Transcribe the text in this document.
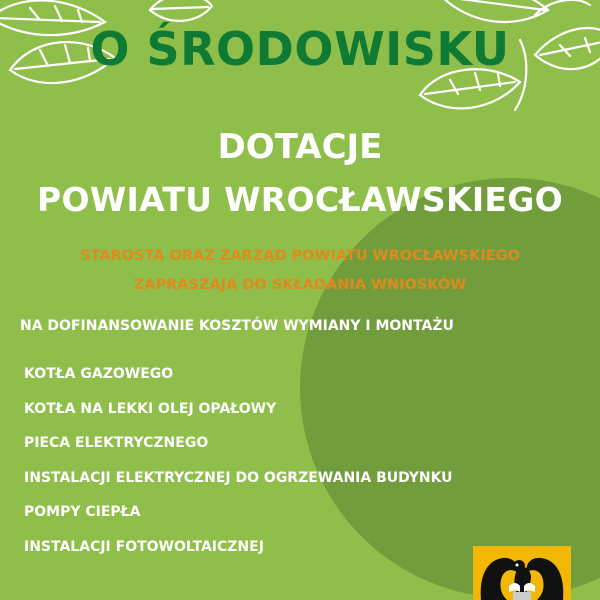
O ŚRODOWISKU
DOTACJE
POWIATU WROCŁAWSKIEGO

STAROSTA ORAZ ZARZĄD POWIATU WROCŁAWSKIEGO

ZAPRASZAJĄ DO SKŁADANIA WNIOSKÓW

NA DOFINANSOWANIE KOSZTÓW WYMIANY I MONTAŻU

KOTŁA GAZOWEGO
KOTŁA NA LEKKI OLEJ OPAŁOWY
PIECA ELEKTRYCZNEGO
INSTALACJI ELEKTRYCZNEJ DO OGRZEWANIA BUDYNKU
POMPY CIEPŁA
INSTALACJI FOTOWOLTAICZNEJ
